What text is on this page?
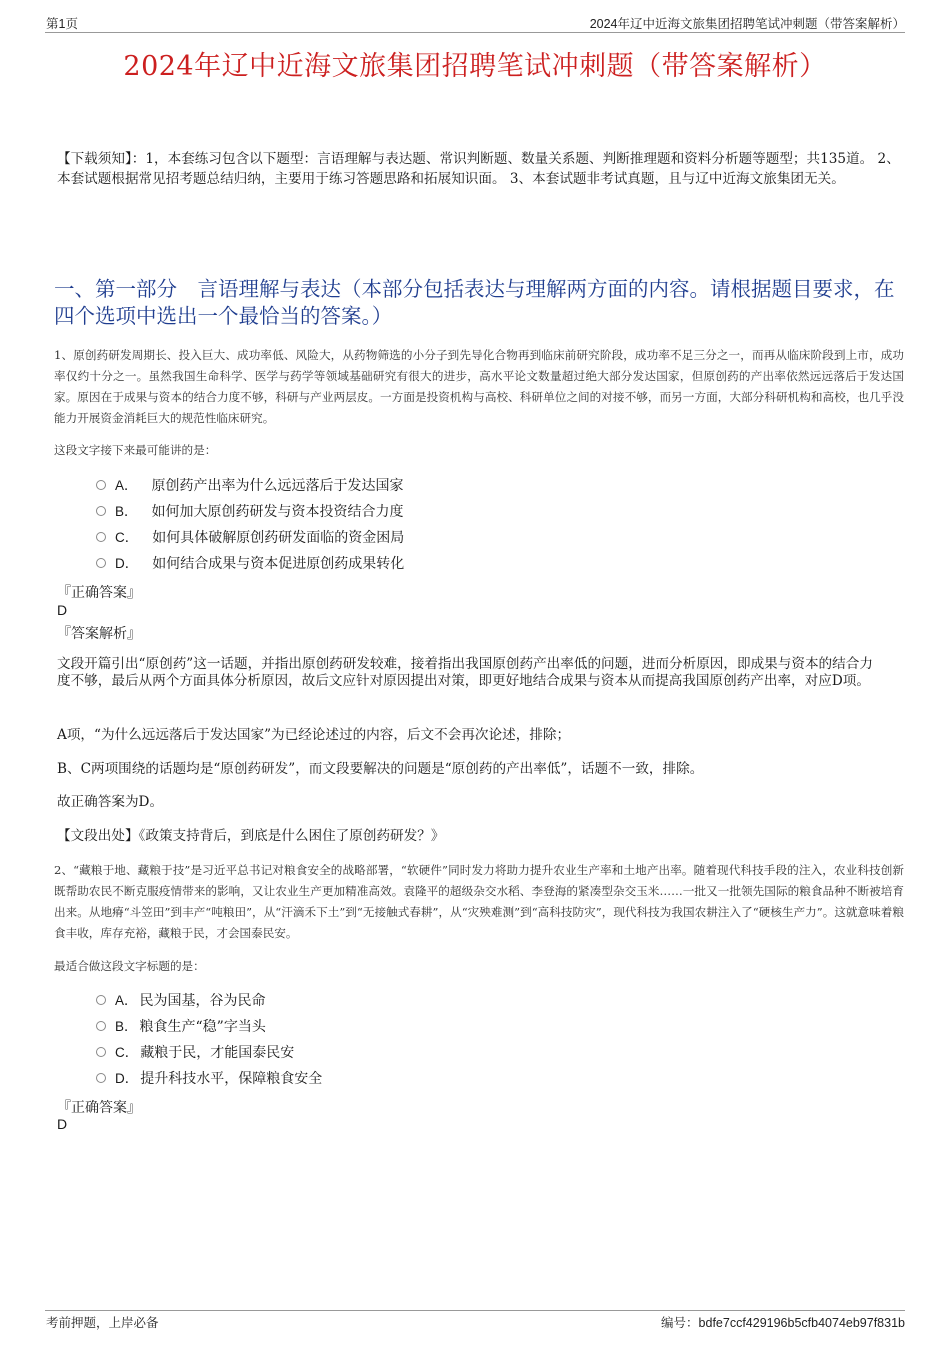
第1页	2024年辽中近海文旅集团招聘笔试冲刺题（带答案解析）
2024年辽中近海文旅集团招聘笔试冲刺题（带答案解析）
【下载须知】：1，本套练习包含以下题型：言语理解与表达题、常识判断题、数量关系题、判断推理题和资料分析题等题型；共135道。 2、本套试题根据常见招考题总结归纳，主要用于练习答题思路和拓展知识面。 3、本套试题非考试真题，且与辽中近海文旅集团无关。
一、第一部分　言语理解与表达（本部分包括表达与理解两方面的内容。请根据题目要求，在四个选项中选出一个最恰当的答案。）
1、原创药研发周期长、投入巨大、成功率低、风险大，从药物筛选的小分子到先导化合物再到临床前研究阶段，成功率不足三分之一，而再从临床阶段到上市，成功率仅约十分之一。虽然我国生命科学、医学与药学等领域基础研究有很大的进步，高水平论文数量超过绝大部分发达国家，但原创药的产出率依然远远落后于发达国家。原因在于成果与资本的结合力度不够，科研与产业两层皮。一方面是投资机构与高校、科研单位之间的对接不够，而另一方面，大部分科研机构和高校，也几乎没能力开展资金消耗巨大的规范性临床研究。
这段文字接下来最可能讲的是：
A． 原创药产出率为什么远远落后于发达国家
B． 如何加大原创药研发与资本投资结合力度
C． 如何具体破解原创药研发面临的资金困局
D． 如何结合成果与资本促进原创药成果转化
『正确答案』
D
『答案解析』
文段开篇引出“原创药”这一话题，并指出原创药研发较难，接着指出我国原创药产出率低的问题，进而分析原因，即成果与资本的结合力度不够，最后从两个方面具体分析原因，故后文应针对原因提出对策，即更好地结合成果与资本从而提高我国原创药产出率，对应D项。
A项，“为什么远远落后于发达国家”为已经论述过的内容，后文不会再次论述，排除；
B、C两项围绕的话题均是“原创药研发”，而文段要解决的问题是“原创药的产出率低”，话题不一致，排除。
故正确答案为D。
【文段出处】《政策支持背后，到底是什么困住了原创药研发？》
2、“藏粮于地、藏粮于技”是习近平总书记对粮食安全的战略部署，“软硬件”同时发力将助力提升农业生产率和土地产出率。随着现代科技手段的注入，农业科技创新既帮助农民不断克服疫情带来的影响，又让农业生产更加精准高效。袁隆平的超级杂交水稻、李登海的紧凑型杂交玉米……一批又一批领先国际的粮食品种不断被培育出来。从地瘠“斗笠田”到丰产“吨粮田”，从“汗滴禾下土”到“无接触式春耕”，从“灾殃难测”到“高科技防灾”，现代科技为我国农耕注入了“硬核生产力”。这就意味着粮食丰收，库存充裕，藏粮于民，才会国泰民安。
最适合做这段文字标题的是：
A． 民为国基，谷为民命
B． 粮食生产“稳”字当头
C． 藏粮于民，才能国泰民安
D． 提升科技水平，保障粮食安全
『正确答案』
D
考前押题，上岸必备	编号：bdfe7ccf429196b5cfb4074eb97f831b
